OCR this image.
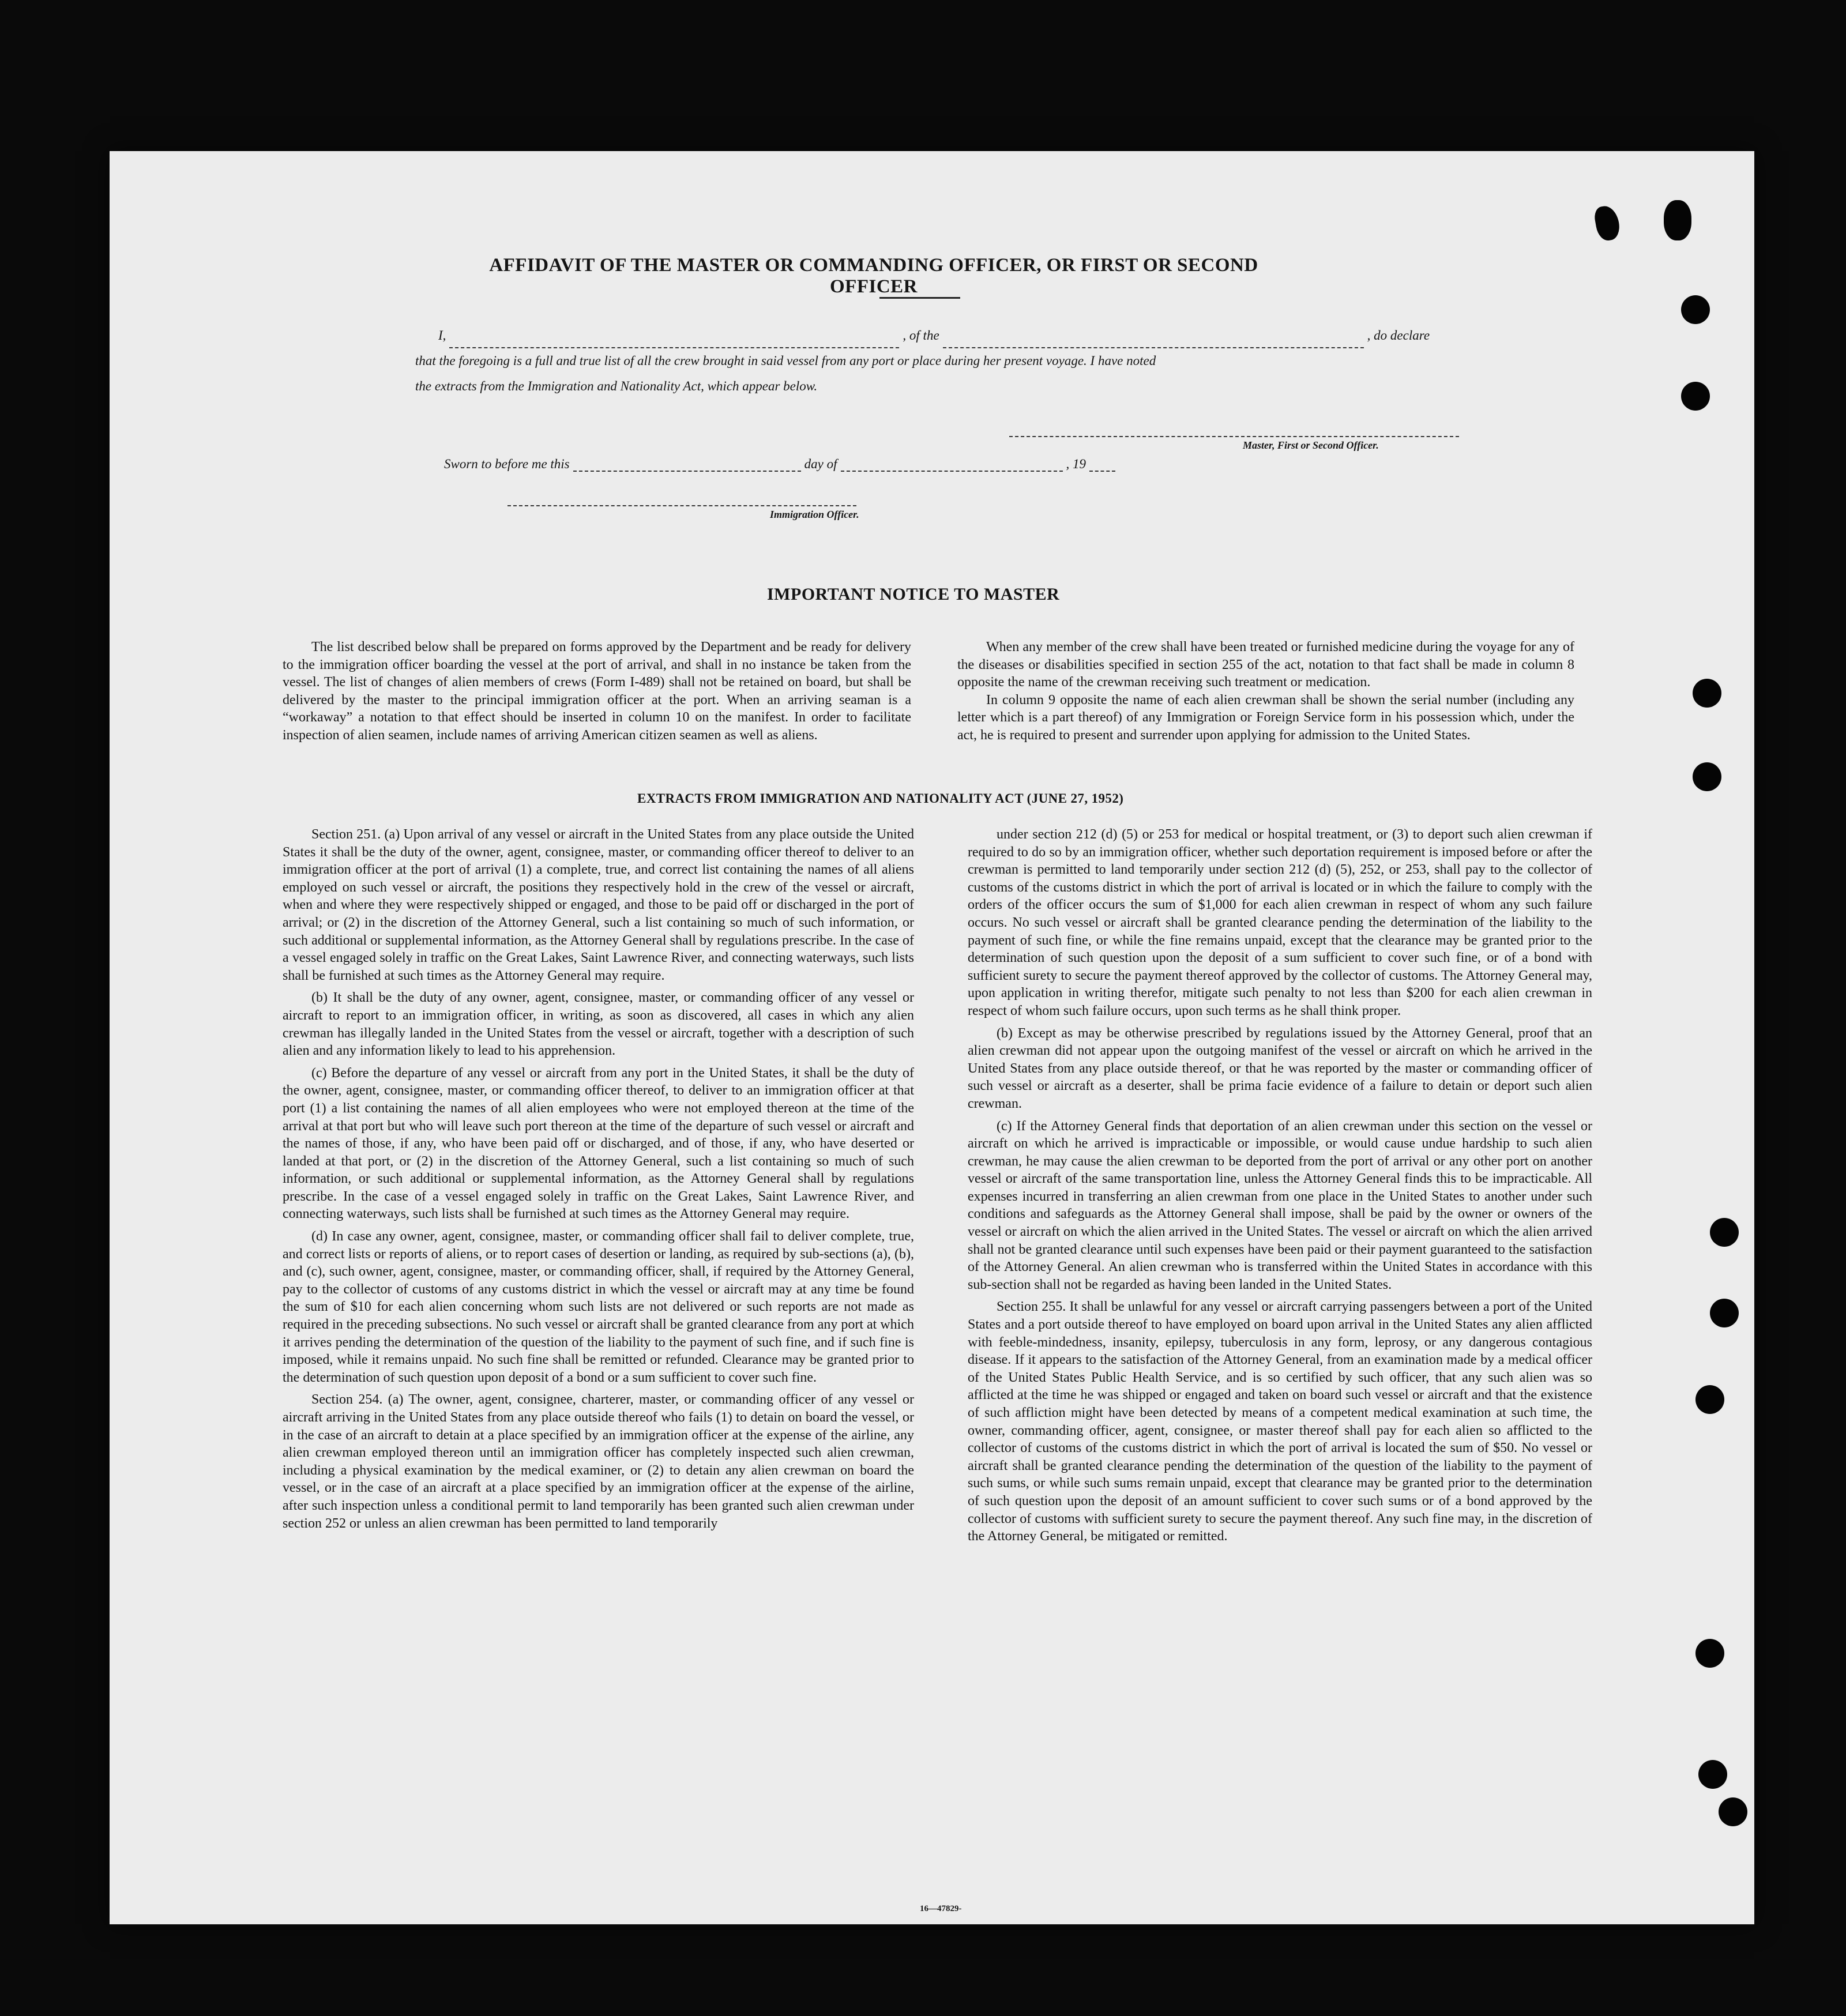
AFFIDAVIT OF THE MASTER OR COMMANDING OFFICER, OR FIRST OR SECOND OFFICER
I,	, of the	, do declare
that the foregoing is a full and true list of all the crew brought in said vessel from any port or place during her present voyage. I have noted
the extracts from the Immigration and Nationality Act, which appear below.
Master, First or Second Officer.
Sworn to before me this	day of	, 19
Immigration Officer.
IMPORTANT NOTICE TO MASTER

The list described below shall be prepared on forms approved by the Department and be ready for delivery to the immigration officer boarding the vessel at the port of arrival, and shall in no instance be taken from the vessel. The list of changes of alien members of crews (Form I-489) shall not be retained on board, but shall be delivered by the master to the principal immigration officer at the port. When an arriving seaman is a “workaway” a notation to that effect should be inserted in column 10 on the manifest. In order to facilitate inspection of alien seamen, include names of arriving American citizen seamen as well as aliens.

When any member of the crew shall have been treated or furnished medicine during the voyage for any of the diseases or disabilities specified in section 255 of the act, notation to that fact shall be made in column 8 opposite the name of the crewman receiving such treatment or medication.

In column 9 opposite the name of each alien crewman shall be shown the serial number (including any letter which is a part thereof) of any Immigration or Foreign Service form in his possession which, under the act, he is required to present and surrender upon applying for admission to the United States.

EXTRACTS FROM IMMIGRATION AND NATIONALITY ACT (JUNE 27, 1952)

Section 251. (a) Upon arrival of any vessel or aircraft in the United States from any place outside the United States it shall be the duty of the owner, agent, consignee, master, or commanding officer thereof to deliver to an immigration officer at the port of arrival (1) a complete, true, and correct list containing the names of all aliens employed on such vessel or aircraft, the positions they respectively hold in the crew of the vessel or aircraft, when and where they were respectively shipped or engaged, and those to be paid off or discharged in the port of arrival; or (2) in the discretion of the Attorney General, such a list containing so much of such information, or such additional or supplemental information, as the Attorney General shall by regulations prescribe. In the case of a vessel engaged solely in traffic on the Great Lakes, Saint Lawrence River, and connecting waterways, such lists shall be furnished at such times as the Attorney General may require.

(b) It shall be the duty of any owner, agent, consignee, master, or commanding officer of any vessel or aircraft to report to an immigration officer, in writing, as soon as discovered, all cases in which any alien crewman has illegally landed in the United States from the vessel or aircraft, together with a description of such alien and any information likely to lead to his apprehension.

(c) Before the departure of any vessel or aircraft from any port in the United States, it shall be the duty of the owner, agent, consignee, master, or commanding officer thereof, to deliver to an immigration officer at that port (1) a list containing the names of all alien employees who were not employed thereon at the time of the arrival at that port but who will leave such port thereon at the time of the departure of such vessel or aircraft and the names of those, if any, who have been paid off or discharged, and of those, if any, who have deserted or landed at that port, or (2) in the discretion of the Attorney General, such a list containing so much of such information, or such additional or supplemental information, as the Attorney General shall by regulations prescribe. In the case of a vessel engaged solely in traffic on the Great Lakes, Saint Lawrence River, and connecting waterways, such lists shall be furnished at such times as the Attorney General may require.

(d) In case any owner, agent, consignee, master, or commanding officer shall fail to deliver complete, true, and correct lists or reports of aliens, or to report cases of desertion or landing, as required by sub-sections (a), (b), and (c), such owner, agent, consignee, master, or commanding officer, shall, if required by the Attorney General, pay to the collector of customs of any customs district in which the vessel or aircraft may at any time be found the sum of $10 for each alien concerning whom such lists are not delivered or such reports are not made as required in the preceding subsections. No such vessel or aircraft shall be granted clearance from any port at which it arrives pending the determination of the question of the liability to the payment of such fine, and if such fine is imposed, while it remains unpaid. No such fine shall be remitted or refunded. Clearance may be granted prior to the determination of such question upon deposit of a bond or a sum sufficient to cover such fine.

Section 254. (a) The owner, agent, consignee, charterer, master, or commanding officer of any vessel or aircraft arriving in the United States from any place outside thereof who fails (1) to detain on board the vessel, or in the case of an aircraft to detain at a place specified by an immigration officer at the expense of the airline, any alien crewman employed thereon until an immigration officer has completely inspected such alien crewman, including a physical examination by the medical examiner, or (2) to detain any alien crewman on board the vessel, or in the case of an aircraft at a place specified by an immigration officer at the expense of the airline, after such inspection unless a conditional permit to land temporarily has been granted such alien crewman under section 252 or unless an alien crewman has been permitted to land temporarily

under section 212 (d) (5) or 253 for medical or hospital treatment, or (3) to deport such alien crewman if required to do so by an immigration officer, whether such deportation requirement is imposed before or after the crewman is permitted to land temporarily under section 212 (d) (5), 252, or 253, shall pay to the collector of customs of the customs district in which the port of arrival is located or in which the failure to comply with the orders of the officer occurs the sum of $1,000 for each alien crewman in respect of whom any such failure occurs. No such vessel or aircraft shall be granted clearance pending the determination of the liability to the payment of such fine, or while the fine remains unpaid, except that the clearance may be granted prior to the determination of such question upon the deposit of a sum sufficient to cover such fine, or of a bond with sufficient surety to secure the payment thereof approved by the collector of customs. The Attorney General may, upon application in writing therefor, mitigate such penalty to not less than $200 for each alien crewman in respect of whom such failure occurs, upon such terms as he shall think proper.

(b) Except as may be otherwise prescribed by regulations issued by the Attorney General, proof that an alien crewman did not appear upon the outgoing manifest of the vessel or aircraft on which he arrived in the United States from any place outside thereof, or that he was reported by the master or commanding officer of such vessel or aircraft as a deserter, shall be prima facie evidence of a failure to detain or deport such alien crewman.

(c) If the Attorney General finds that deportation of an alien crewman under this section on the vessel or aircraft on which he arrived is impracticable or impossible, or would cause undue hardship to such alien crewman, he may cause the alien crewman to be deported from the port of arrival or any other port on another vessel or aircraft of the same transportation line, unless the Attorney General finds this to be impracticable. All expenses incurred in transferring an alien crewman from one place in the United States to another under such conditions and safeguards as the Attorney General shall impose, shall be paid by the owner or owners of the vessel or aircraft on which the alien arrived in the United States. The vessel or aircraft on which the alien arrived shall not be granted clearance until such expenses have been paid or their payment guaranteed to the satisfaction of the Attorney General. An alien crewman who is transferred within the United States in accordance with this sub-section shall not be regarded as having been landed in the United States.

Section 255. It shall be unlawful for any vessel or aircraft carrying passengers between a port of the United States and a port outside thereof to have employed on board upon arrival in the United States any alien afflicted with feeble-mindedness, insanity, epilepsy, tuberculosis in any form, leprosy, or any dangerous contagious disease. If it appears to the satisfaction of the Attorney General, from an examination made by a medical officer of the United States Public Health Service, and is so certified by such officer, that any such alien was so afflicted at the time he was shipped or engaged and taken on board such vessel or aircraft and that the existence of such affliction might have been detected by means of a competent medical examination at such time, the owner, commanding officer, agent, consignee, or master thereof shall pay for each alien so afflicted to the collector of customs of the customs district in which the port of arrival is located the sum of $50. No vessel or aircraft shall be granted clearance pending the determination of the question of the liability to the payment of such sums, or while such sums remain unpaid, except that clearance may be granted prior to the determination of such question upon the deposit of an amount sufficient to cover such sums or of a bond approved by the collector of customs with sufficient surety to secure the payment thereof. Any such fine may, in the discretion of the Attorney General, be mitigated or remitted.

16—47829-
